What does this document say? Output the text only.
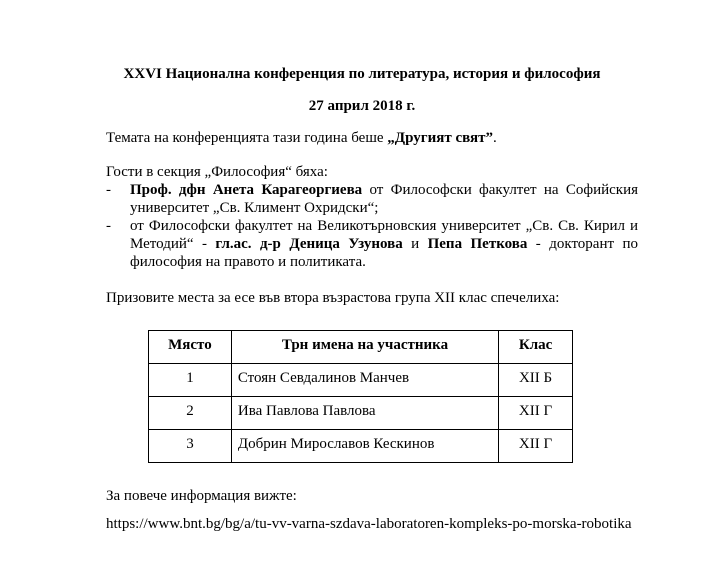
XXVI Национална конференция по литература, история и философия
27 април 2018 г.
Темата на конференцията тази година беше „Другият свят”.
Гости в секция „Философия“ бяха:
- Проф. дфн Анета Карагеоргиева от Философски факултет на Софийския университет „Св. Климент Охридски“;
- от Философски факултет на Великотърновския университет „Св. Св. Кирил и Методий“ - гл.ас. д-р Деница Узунова и Пепа Петкова - докторант по философия на правото и политиката.
Призовите места за есе във втора възрастова група XII клас спечелиха:
Място	Трн имена на участника	Клас
1	Стоян Севдалинов Манчев	XII Б
2	Ива Павлова Павлова	XII Г
3	Добрин Мирославов Кескинов	XII Г
За повече информация вижте:
https://www.bnt.bg/bg/a/tu-vv-varna-szdava-laboratoren-kompleks-po-morska-robotika
